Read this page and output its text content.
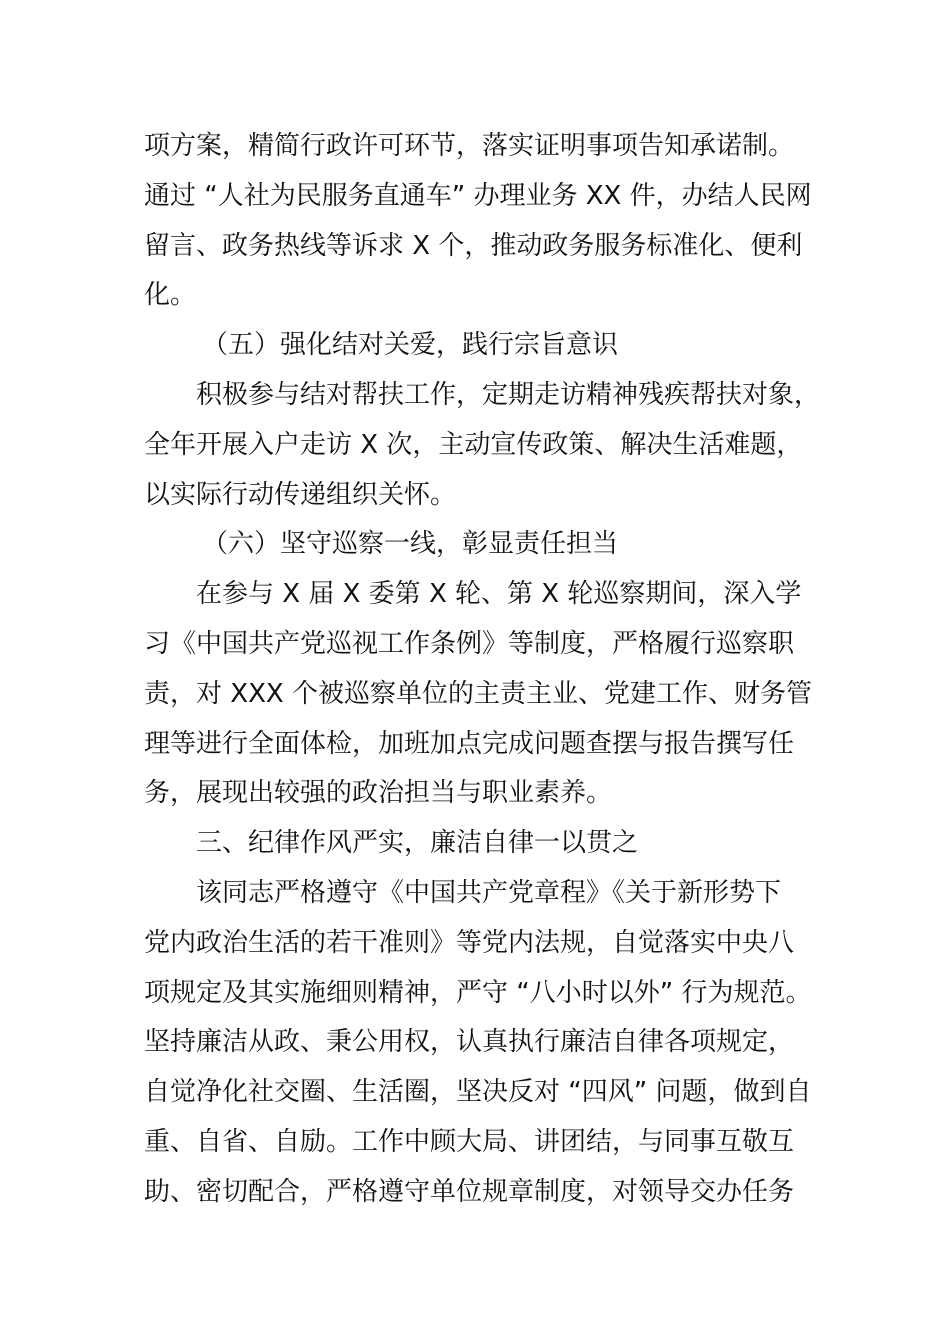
项方案，精简行政许可环节，落实证明事项告知承诺制。
通过 “人社为民服务直通车” 办理业务 XX 件，办结人民网
留言、政务热线等诉求 X 个，推动政务服务标准化、便利
化。
（五）强化结对关爱，践行宗旨意识
积极参与结对帮扶工作，定期走访精神残疾帮扶对象，
全年开展入户走访 X 次，主动宣传政策、解决生活难题，
以实际行动传递组织关怀。
（六）坚守巡察一线，彰显责任担当
在参与 X 届 X 委第 X 轮、第 X 轮巡察期间，深入学
习《中国共产党巡视工作条例》等制度，严格履行巡察职
责，对 XXX 个被巡察单位的主责主业、党建工作、财务管
理等进行全面体检，加班加点完成问题查摆与报告撰写任
务，展现出较强的政治担当与职业素养。
三、纪律作风严实，廉洁自律一以贯之
该同志严格遵守《中国共产党章程》《关于新形势下
党内政治生活的若干准则》等党内法规，自觉落实中央八
项规定及其实施细则精神，严守 “八小时以外” 行为规范。
坚持廉洁从政、秉公用权，认真执行廉洁自律各项规定，
自觉净化社交圈、生活圈，坚决反对 “四风” 问题，做到自
重、自省、自励。工作中顾大局、讲团结，与同事互敬互
助、密切配合，严格遵守单位规章制度，对领导交办任务
